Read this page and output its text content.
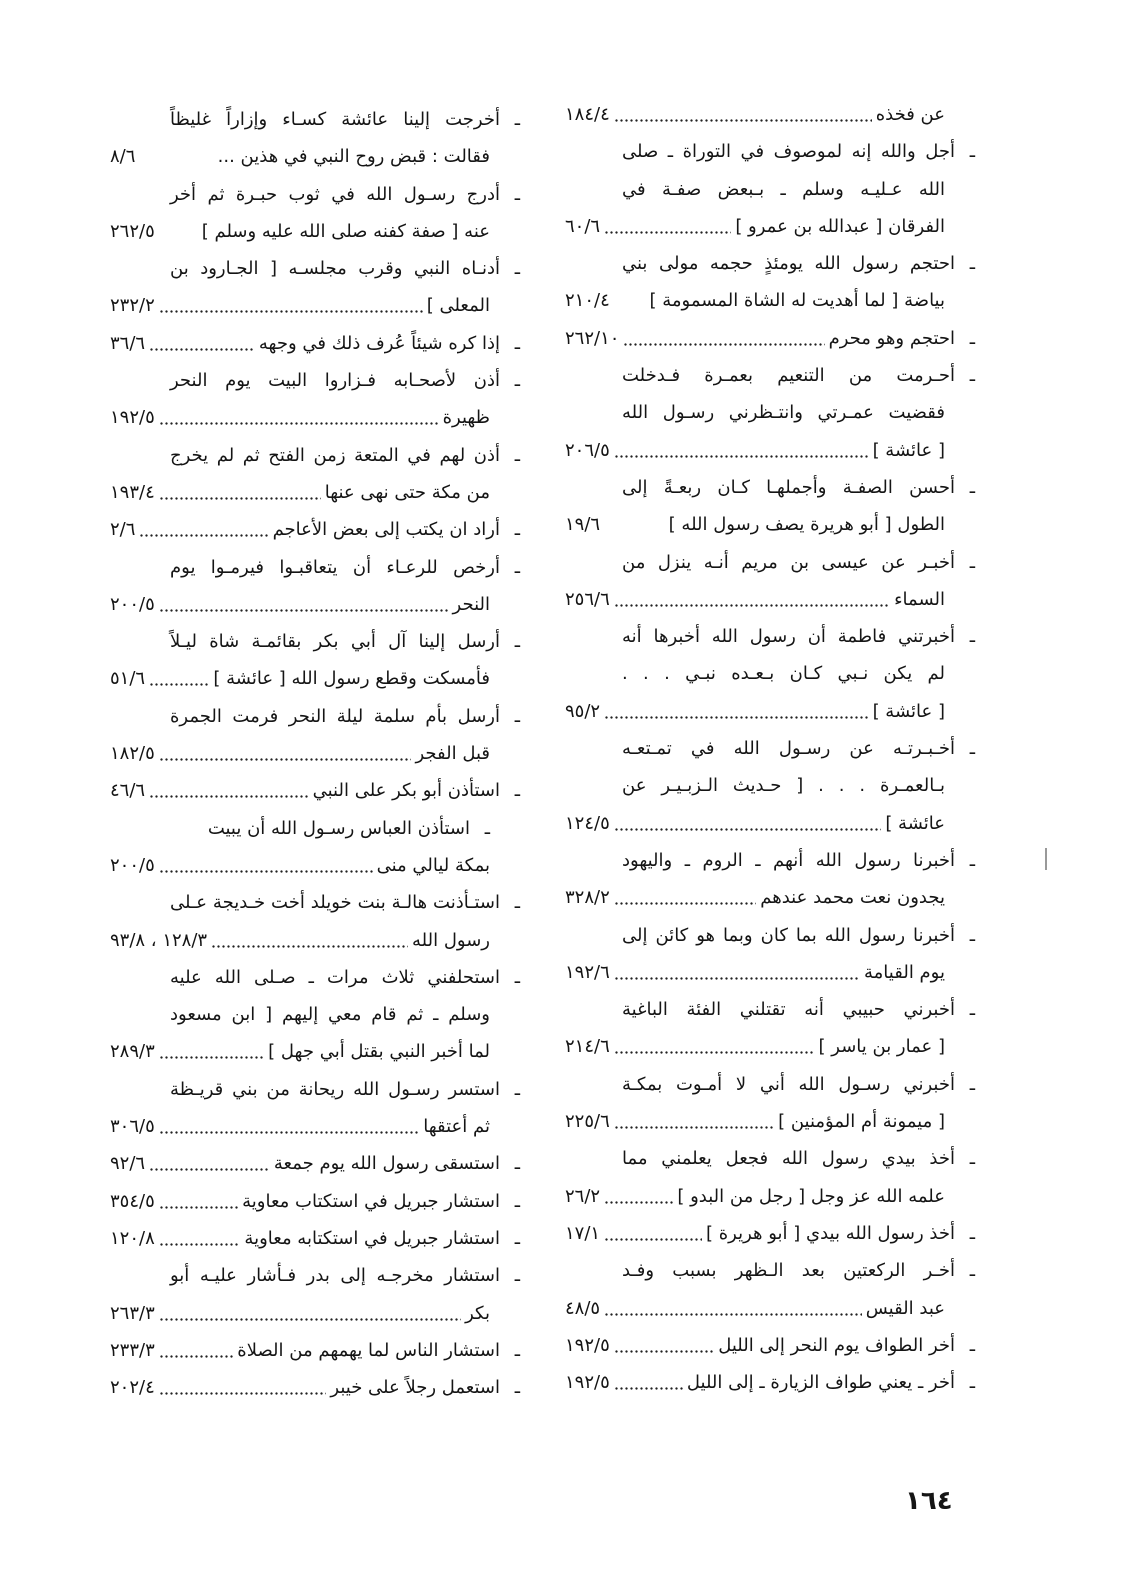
عن فخذه
١٨٤/٤
ـ
أجل والله إنه لموصوف في التوراة ـ صلى
الله عـليـه وسلم ـ بـبعض صفـة في
الفرقان [ عبدالله بن عمرو ]
٦٠/٦
ـ
احتجم رسول الله يومئذٍ حجمه مولى بني
بياضة [ لما أهديت له الشاة المسمومة ]
٢١٠/٤
ـ
احتجم وهو محرم
٢٦٢/١٠
ـ
أحـرمت من التنعيم بعمـرة فـدخلت
فقضيت عمـرتي وانتـظرني رسـول الله
[ عائشة ]
٢٠٦/٥
ـ
أحسن الصفـة وأجملهـا كـان ربعـةً إلى
الطول [ أبو هريرة يصف رسول الله ]
١٩/٦
ـ
أخبـر عن عيسى بن مريم أنـه ينزل من
السماء
٢٥٦/٦
ـ
أخبرتني فاطمة أن رسول الله أخبرها أنه
لم يكن نـبي كـان بـعـده نبـي . . .
[ عائشة ]
٩٥/٢
ـ
أخـبـرتـه عن رسـول الله في تمـتعـه
بـالعمـرة . . . [ حـديث الـزبـيـر عن
عائشة ]
١٢٤/٥
ـ
أخبرنا رسول الله أنهم ـ الروم ـ واليهود
يجدون نعت محمد عندهم
٣٢٨/٢
ـ
أخبرنا رسول الله بما كان وبما هو كائن إلى
يوم القيامة
١٩٢/٦
ـ
أخبرني حبيبي أنه تقتلني الفئة الباغية
[ عمار بن ياسر ]
٢١٤/٦
ـ
أخبرني رسـول الله أني لا أمـوت بمكـة
[ ميمونة أم المؤمنين ]
٢٢٥/٦
ـ
أخذ بيدي رسول الله فجعل يعلمني مما
علمه الله عز وجل [ رجل من البدو ]
٢٦/٢
ـ
أخذ رسول الله بيدي [ أبو هريرة ]
١٧/١
ـ
أخـر الركعتين بعد الـظهر بسبب وفـد
عبد القيس
٤٨/٥
ـ
أخر الطواف يوم النحر إلى الليل
١٩٢/٥
ـ
أخر ـ يعني طواف الزيارة ـ إلى الليل
١٩٢/٥
ـ
أخرجت إلينا عائشة كسـاء وإزاراً غليظاً
فقالت : قبض روح النبي في هذين ...
٨/٦
ـ
أدرج رسـول الله في ثوب حبـرة ثم أخر
عنه [ صفة كفنه صلى الله عليه وسلم ]
٢٦٢/٥
ـ
أدنـاه النبي وقرب مجلسـه [ الجـارود بن
المعلى ]
٢٣٢/٢
ـ
إذا كره شيئاً عُرف ذلك في وجهه
٣٦/٦
ـ
أذن لأصحـابه فـزاروا البيت يوم النحر
ظهيرة
١٩٢/٥
ـ
أذن لهم في المتعة زمن الفتح ثم لم يخرج
من مكة حتى نهى عنها
١٩٣/٤
ـ
أراد ان يكتب إلى بعض الأعاجم
٢/٦
ـ
أرخص للرعـاء أن يتعاقبـوا فيرمـوا يوم
النحر
٢٠٠/٥
ـ
أرسل إلينا آل أبي بكر بقائمـة شاة ليـلاً
فأمسكت وقطع رسول الله [ عائشة ]
٥١/٦
ـ
أرسل بأم سلمة ليلة النحر فرمت الجمرة
قبل الفجر
١٨٢/٥
ـ
استأذن أبو بكر على النبي
٤٦/٦
ـ
استأذن العباس رسـول الله أن يبيت
بمكة ليالي منى
٢٠٠/٥
ـ
استـأذنت هالـة بنت خويلد أخت خـديجة عـلى
رسول الله
٩٣/٨ ، ١٢٨/٣
ـ
استحلفني ثلاث مرات ـ صـلى الله عليه
وسلم ـ ثم قام معي إليهم [ ابن مسعود
لما أخبر النبي بقتل أبي جهل ]
٢٨٩/٣
ـ
استسر رسـول الله ريحانة من بني قريـظة
ثم أعتقها
٣٠٦/٥
ـ
استسقى رسول الله يوم جمعة
٩٢/٦
ـ
استشار جبريل في استكتاب معاوية
٣٥٤/٥
ـ
استشار جبريل في استكتابه معاوية
١٢٠/٨
ـ
استشار مخرجـه إلى بدر فـأشار عليـه أبو
بكر
٢٦٣/٣
ـ
استشار الناس لما يهمهم من الصلاة
٢٣٣/٣
ـ
استعمل رجلاً على خيبر
٢٠٢/٤
١٦٤
